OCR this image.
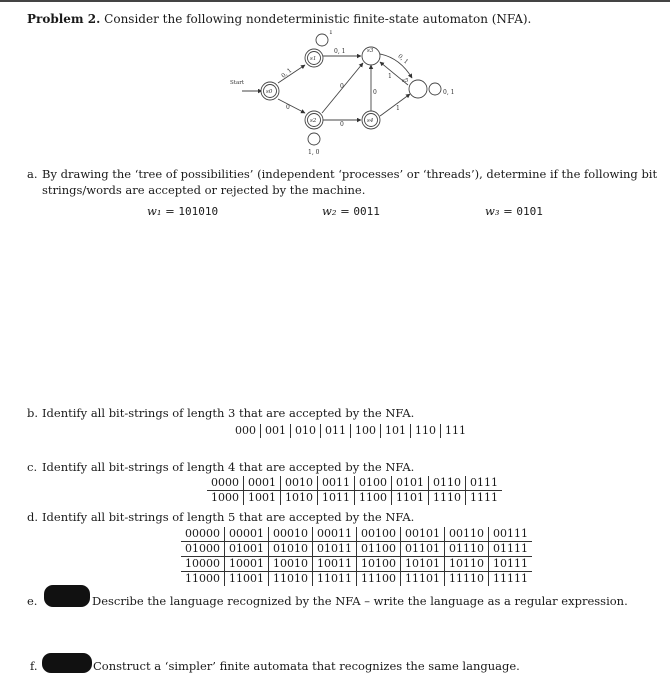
Problem 2. Consider the following nondeterministic finite-state automaton (NFA).
Start
s0
s1
s2
s3
s4
s5
1
0, 1
0, 1
0, 1
1
0, 1
0
0
0
0
1
1, 0
a. By drawing the ‘tree of possibilities’ (independent ‘processes’ or ‘threads’), determine if the following bit
strings/words are accepted or rejected by the machine.
w₁ = 101010	w₂ = 0011	w₃ = 0101
b. Identify all bit-strings of length 3 that are accepted by the NFA.
000	001	010	011	100	101	110	111
c. Identify all bit-strings of length 4 that are accepted by the NFA.
0000	0001	0010	0011	0100	0101	0110	0111
1000	1001	1010	1011	1100	1101	1110	1111
d. Identify all bit-strings of length 5 that are accepted by the NFA.
00000	00001	00010	00011	00100	00101	00110	00111
01000	01001	01010	01011	01100	01101	01110	01111
10000	10001	10010	10011	10100	10101	10110	10111
11000	11001	11010	11011	11100	11101	11110	11111
e.	Describe the language recognized by the NFA – write the language as a regular expression.
f.	Construct a ‘simpler’ finite automata that recognizes the same language.
